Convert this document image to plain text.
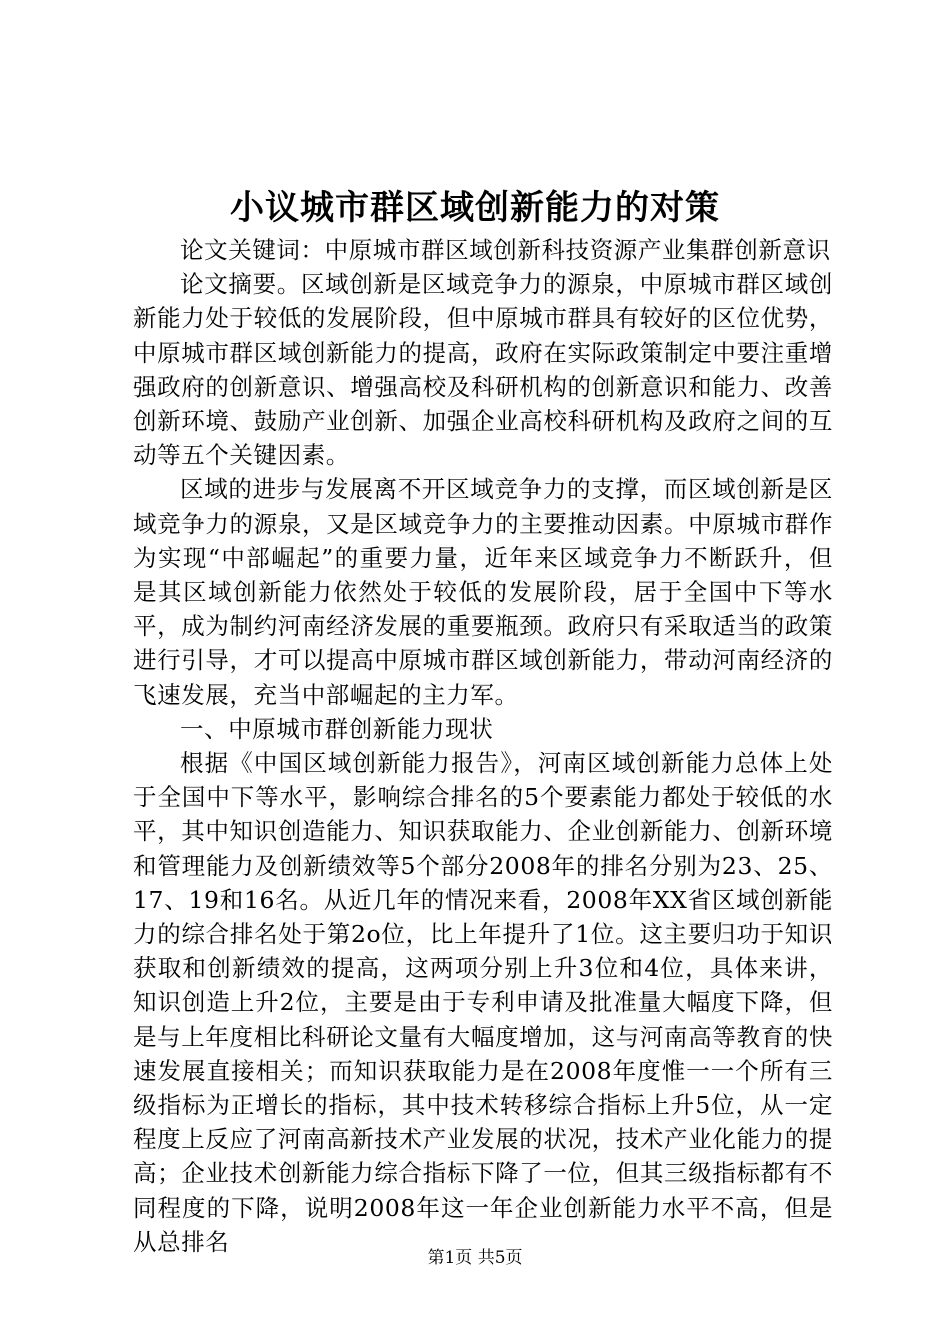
小议城市群区域创新能力的对策

论文关键词：中原城市群区域创新科技资源产业集群创新意识

论文摘要。区域创新是区域竞争力的源泉，中原城市群区域创新能力处于较低的发展阶段，但中原城市群具有较好的区位优势，中原城市群区域创新能力的提高，政府在实际政策制定中要注重增强政府的创新意识、增强高校及科研机构的创新意识和能力、改善创新环境、鼓励产业创新、加强企业高校科研机构及政府之间的互动等五个关键因素。

区域的进步与发展离不开区域竞争力的支撑，而区域创新是区域竞争力的源泉，又是区域竞争力的主要推动因素。中原城市群作为实现“中部崛起”的重要力量，近年来区域竞争力不断跃升，但是其区域创新能力依然处于较低的发展阶段，居于全国中下等水平，成为制约河南经济发展的重要瓶颈。政府只有采取适当的政策进行引导，才可以提高中原城市群区域创新能力，带动河南经济的飞速发展，充当中部崛起的主力军。

一、中原城市群创新能力现状

根据《中国区域创新能力报告》，河南区域创新能力总体上处于全国中下等水平，影响综合排名的5个要素能力都处于较低的水平，其中知识创造能力、知识获取能力、企业创新能力、创新环境和管理能力及创新绩效等5个部分2008年的排名分别为23、25、17、19和16名。从近几年的情况来看，2008年XX省区域创新能力的综合排名处于第2o位，比上年提升了1位。这主要归功于知识获取和创新绩效的提高，这两项分别上升3位和4位，具体来讲，知识创造上升2位，主要是由于专利申请及批准量大幅度下降，但是与上年度相比科研论文量有大幅度增加，这与河南高等教育的快速发展直接相关；而知识获取能力是在2008年度惟一一个所有三级指标为正增长的指标，其中技术转移综合指标上升5位，从一定程度上反应了河南高新技术产业发展的状况，技术产业化能力的提高；企业技术创新能力综合指标下降了一位，但其三级指标都有不同程度的下降，说明2008年这一年企业创新能力水平不高，但是从总排名

第1页 共5页
